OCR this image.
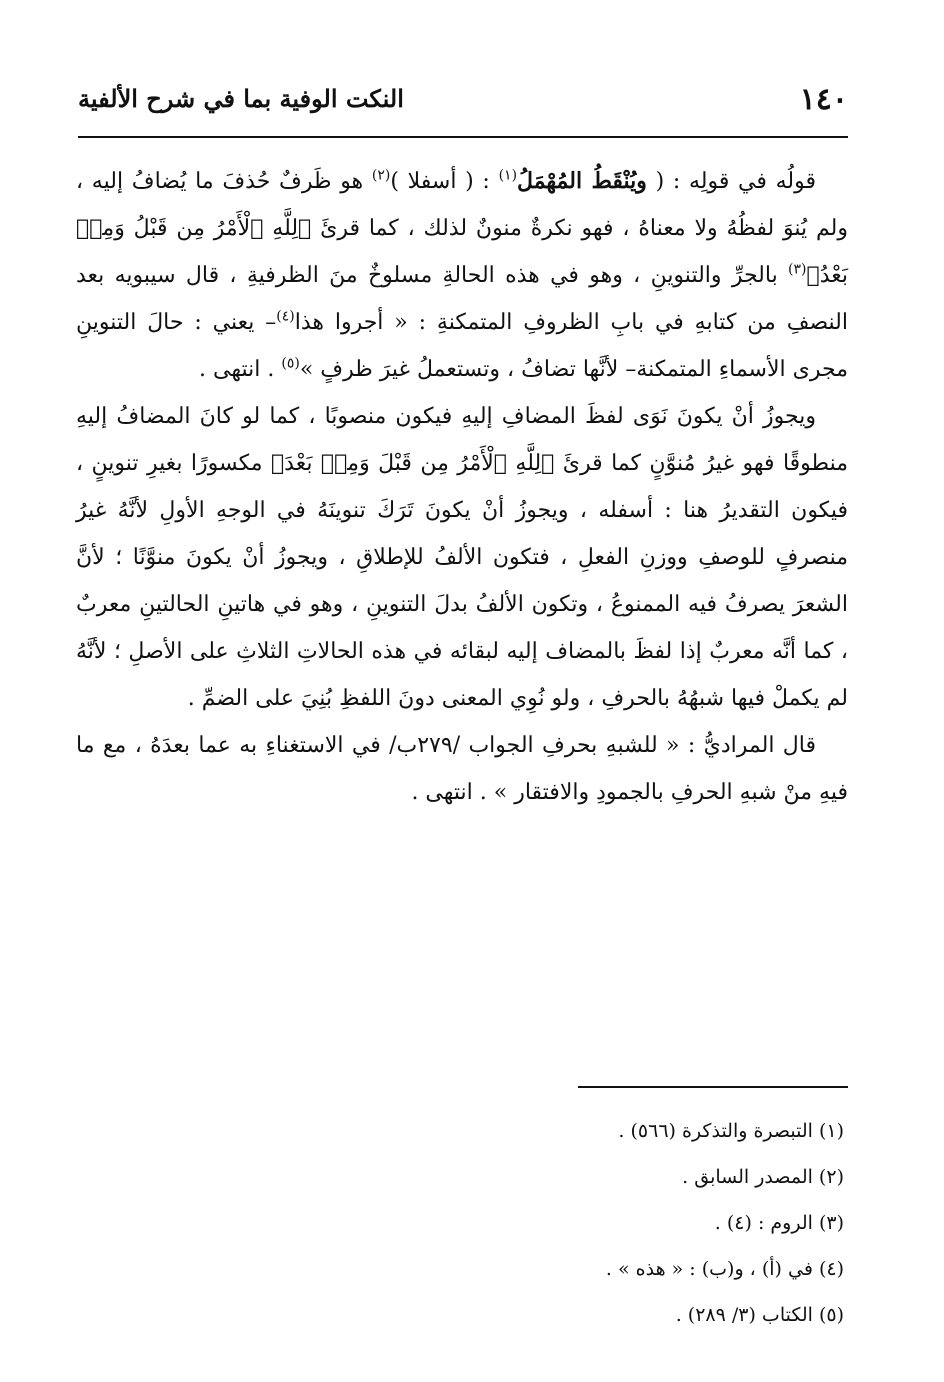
١٤٠
النكت الوفية بما في شرح الألفية

قولُه في قولِه : ( ويُنْقَطُ المُهْمَلُ$^{(١)}$ : ( أسفلا )$^{(٢)}$ هو ظَرفٌ حُذفَ ما يُضافُ إليه ، ولم يُنوَ لفظُهُ ولا معناهُ ، فهو نكرةٌ منونٌ لذلك ، كما قرئَ ﴿لِلَّهِ ٱلْأَمْرُ مِن قَبْلُ وَمِنۢ بَعْدُ﴾$^{(٣)}$ بالجرِّ والتنوينِ ، وهو في هذه الحالةِ مسلوخٌ منَ الظرفيةِ ، قال سيبويه بعد النصفِ من كتابهِ في بابِ الظروفِ المتمكنةِ : « أجروا هذا$^{(٤)}$– يعني : حالَ التنوينِ مجرى الأسماءِ المتمكنة– لأنَّها تضافُ ، وتستعملُ غيرَ ظرفٍ »$^{(٥)}$ . انتهى .

ويجوزُ أنْ يكونَ نَوَى لفظَ المضافِ إليهِ فيكون منصوبًا ، كما لو كانَ المضافُ إليهِ منطوقًا فهو غيرُ مُنوَّنٍ كما قرئَ ﴿لِلَّهِ ٱلْأَمْرُ مِن قَبْلَ وَمِنۢ بَعْدَ﴾ مكسورًا بغيرِ تنوينٍ ، فيكون التقديرُ هنا : أسفله ، ويجوزُ أنْ يكونَ تَرَكَ تنوينَهُ في الوجهِ الأولِ لأنَّهُ غيرُ منصرفٍ للوصفِ ووزنِ الفعلِ ، فتكون الألفُ للإطلاقِ ، ويجوزُ أنْ يكونَ منوَّنًا ؛ لأنَّ الشعرَ يصرفُ فيه الممنوعُ ، وتكون الألفُ بدلَ التنوينِ ، وهو في هاتينِ الحالتينِ معربٌ ، كما أنَّه معربٌ إذا لفظَ بالمضاف إليه لبقائه في هذه الحالاتِ الثلاثِ على الأصلِ ؛ لأنَّهُ لم يكملْ فيها شبهُهُ بالحرفِ ، ولو نُوِي المعنى دونَ اللفظِ بُنِيَ على الضمِّ .

قال المراديُّ : « للشبهِ بحرفِ الجواب /٢٧٩ب/ في الاستغناءِ به عما بعدَهُ ، مع ما فيهِ منْ شبهِ الحرفِ بالجمودِ والافتقار » . انتهى .

(١) التبصرة والتذكرة (٥٦٦) .
(٢) المصدر السابق .
(٣) الروم : (٤) .
(٤) في (أ) ، و(ب) : « هذه » .
(٥) الكتاب (٣/ ٢٨٩) .
